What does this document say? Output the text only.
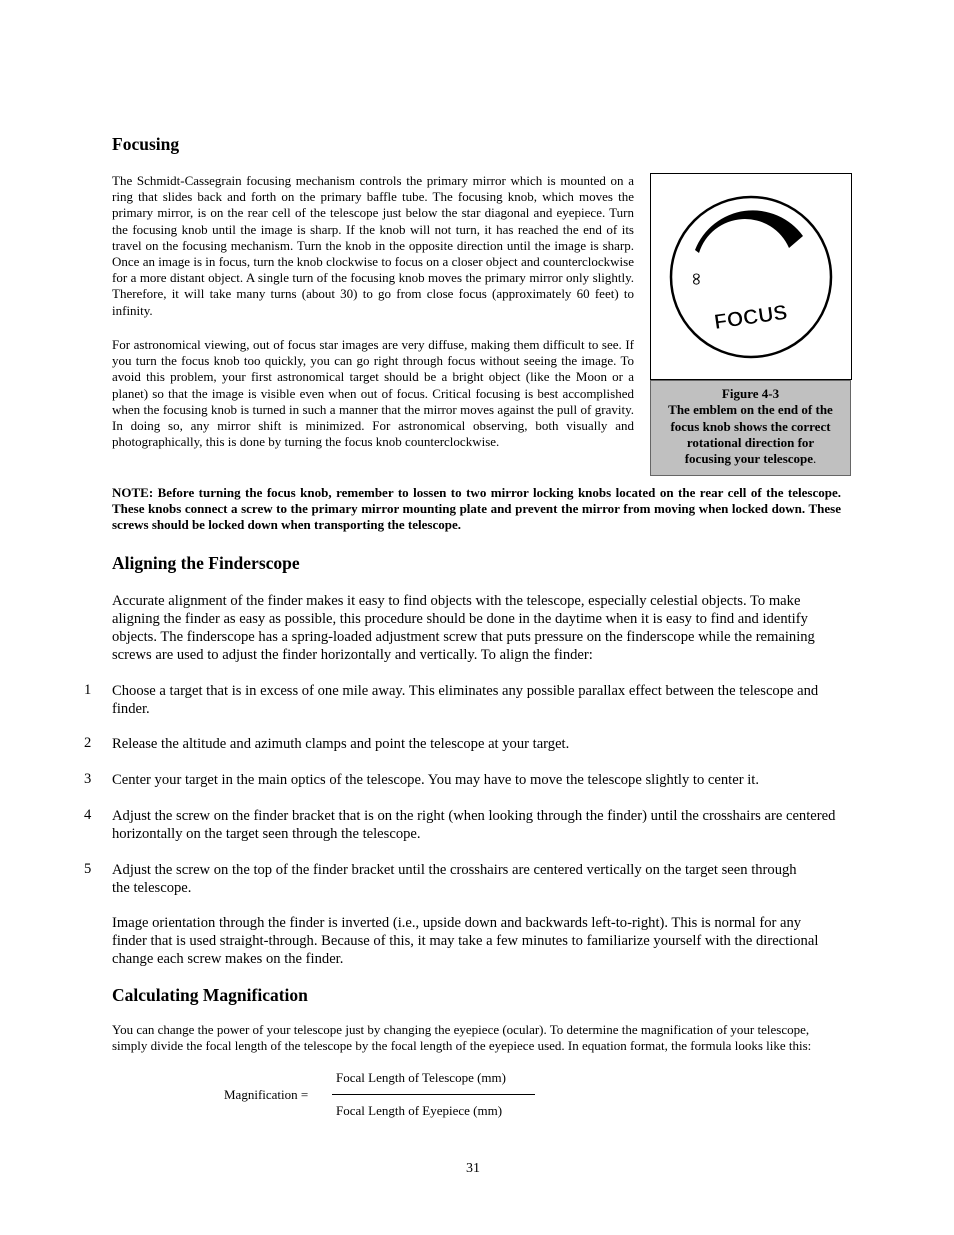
Focusing

The Schmidt-Cassegrain focusing mechanism controls the primary mirror which is mounted on a ring that slides back and forth on the primary baffle tube. The focusing knob, which moves the primary mirror, is on the rear cell of the telescope just below the star diagonal and eyepiece. Turn the focusing knob until the image is sharp. If the knob will not turn, it has reached the end of its travel on the focusing mechanism. Turn the knob in the opposite direction until the image is sharp. Once an image is in focus, turn the knob clockwise to focus on a closer object and counterclockwise for a more distant object. A single turn of the focusing knob moves the primary mirror only slightly. Therefore, it will take many turns (about 30) to go from close focus (approximately 60 feet) to infinity.

For astronomical viewing, out of focus star images are very diffuse, making them difficult to see. If you turn the focus knob too quickly, you can go right through focus without seeing the image. To avoid this problem, your first astronomical target should be a bright object (like the Moon or a planet) so that the image is visible even when out of focus. Critical focusing is best accomplished when the focusing knob is turned in such a manner that the mirror moves against the pull of gravity. In doing so, any mirror shift is minimized. For astronomical observing, both visually and photographically, this is done by turning the focus knob counterclockwise.

∞
FOCUS
Figure 4-3
The emblem on the end of the focus knob shows the correct rotational direction for focusing your telescope.

NOTE: Before turning the focus knob, remember to lossen to two mirror locking knobs located on the rear cell of the telescope. These knobs connect a screw to the primary mirror mounting plate and prevent the mirror from moving when locked down. These screws should be locked down when transporting the telescope.

Aligning the Finderscope

Accurate alignment of the finder makes it easy to find objects with the telescope, especially celestial objects. To make aligning the finder as easy as possible, this procedure should be done in the daytime when it is easy to find and identify objects. The finderscope has a spring-loaded adjustment screw that puts pressure on the finderscope while the remaining screws are used to adjust the finder horizontally and vertically. To align the finder:

1 Choose a target that is in excess of one mile away. This eliminates any possible parallax effect between the telescope and finder.
2 Release the altitude and azimuth clamps and point the telescope at your target.
3 Center your target in the main optics of the telescope. You may have to move the telescope slightly to center it.
4 Adjust the screw on the finder bracket that is on the right (when looking through the finder) until the crosshairs are centered horizontally on the target seen through the telescope.
5 Adjust the screw on the top of the finder bracket until the crosshairs are centered vertically on the target seen through the telescope.

Image orientation through the finder is inverted (i.e., upside down and backwards left-to-right). This is normal for any finder that is used straight-through. Because of this, it may take a few minutes to familiarize yourself with the directional change each screw makes on the finder.

Calculating Magnification

You can change the power of your telescope just by changing the eyepiece (ocular). To determine the magnification of your telescope, simply divide the focal length of the telescope by the focal length of the eyepiece used. In equation format, the formula looks like this:

Focal Length of Telescope (mm)
Magnification =
Focal Length of Eyepiece (mm)
31
